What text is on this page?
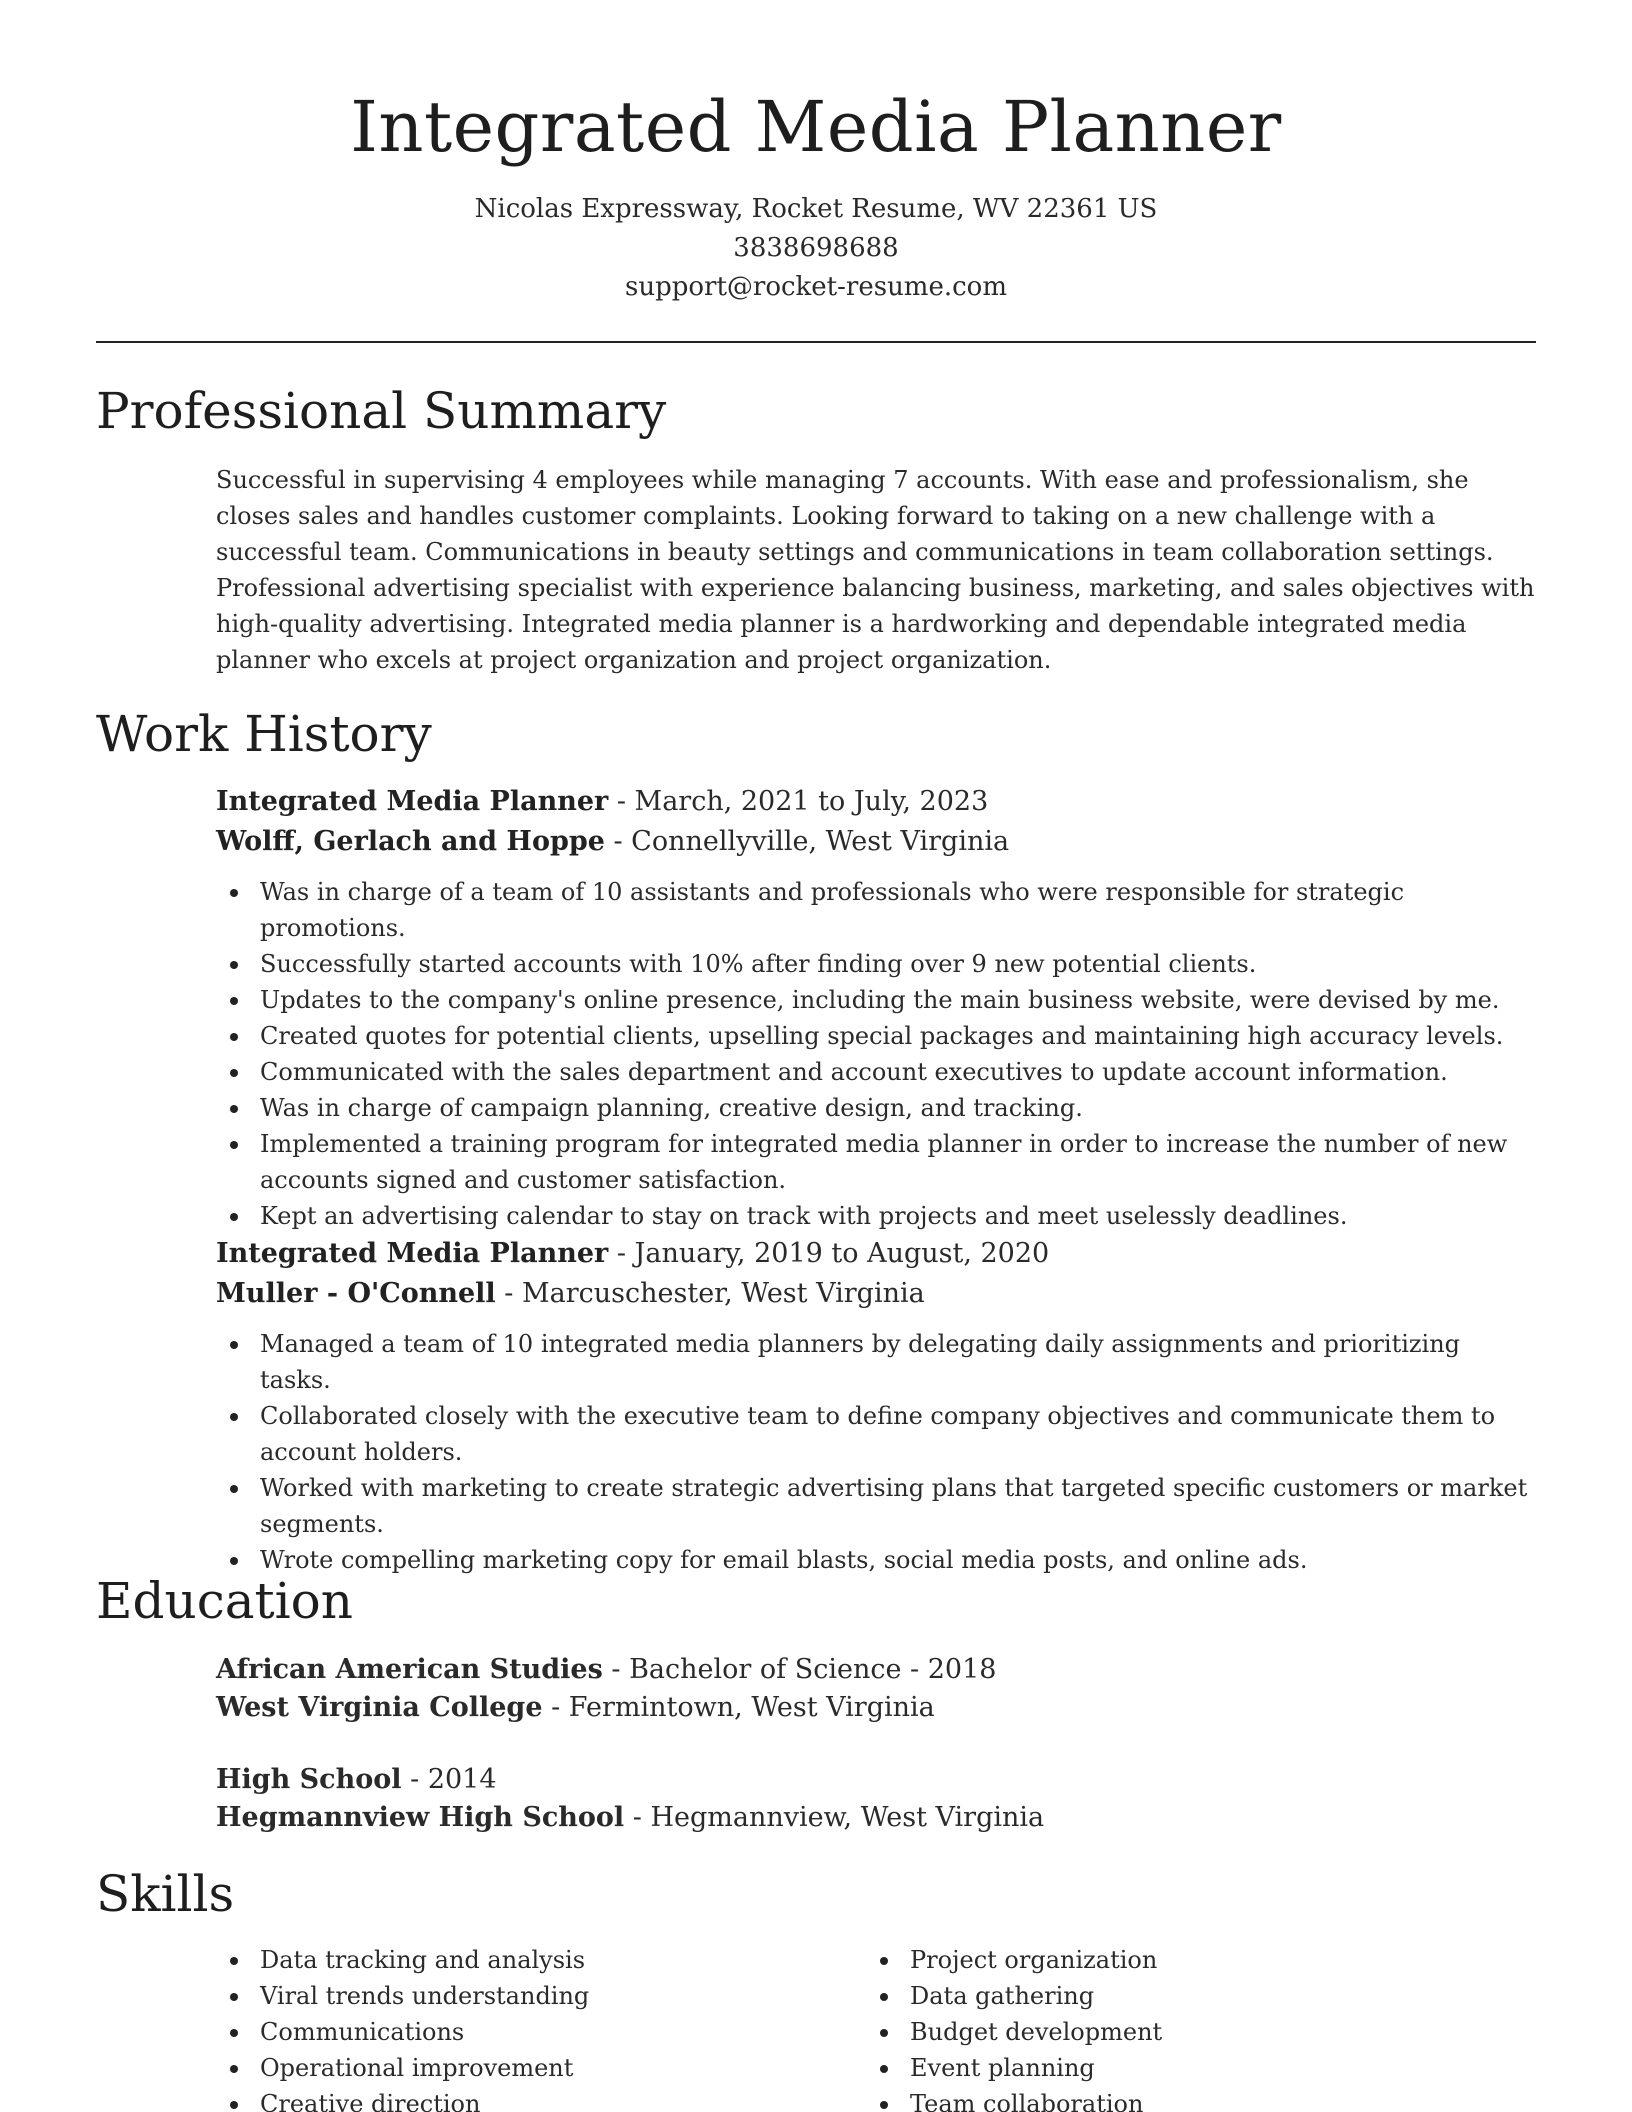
Integrated Media Planner
Nicolas Expressway, Rocket Resume, WV 22361 US
3838698688
support@rocket-resume.com
Professional Summary

Successful in supervising 4 employees while managing 7 accounts. With ease and professionalism, she closes sales and handles customer complaints. Looking forward to taking on a new challenge with a successful team. Communications in beauty settings and communications in team collaboration settings. Professional advertising specialist with experience balancing business, marketing, and sales objectives with high-quality advertising. Integrated media planner is a hardworking and dependable integrated media planner who excels at project organization and project organization.

Work History
Integrated Media Planner - March, 2021 to July, 2023
Wolff, Gerlach and Hoppe - Connellyville, West Virginia
Was in charge of a team of 10 assistants and professionals who were responsible for strategic promotions.
Successfully started accounts with 10% after finding over 9 new potential clients.
Updates to the company's online presence, including the main business website, were devised by me.
Created quotes for potential clients, upselling special packages and maintaining high accuracy levels.
Communicated with the sales department and account executives to update account information.
Was in charge of campaign planning, creative design, and tracking.
Implemented a training program for integrated media planner in order to increase the number of new accounts signed and customer satisfaction.
Kept an advertising calendar to stay on track with projects and meet uselessly deadlines.
Integrated Media Planner - January, 2019 to August, 2020
Muller - O'Connell - Marcuschester, West Virginia
Managed a team of 10 integrated media planners by delegating daily assignments and prioritizing tasks.
Collaborated closely with the executive team to define company objectives and communicate them to account holders.
Worked with marketing to create strategic advertising plans that targeted specific customers or market segments.
Wrote compelling marketing copy for email blasts, social media posts, and online ads.
Education
African American Studies - Bachelor of Science - 2018
West Virginia College - Fermintown, West Virginia
High School - 2014
Hegmannview High School - Hegmannview, West Virginia
Skills
Data tracking and analysis
Viral trends understanding
Communications
Operational improvement
Creative direction
Project organization
Data gathering
Budget development
Event planning
Team collaboration
